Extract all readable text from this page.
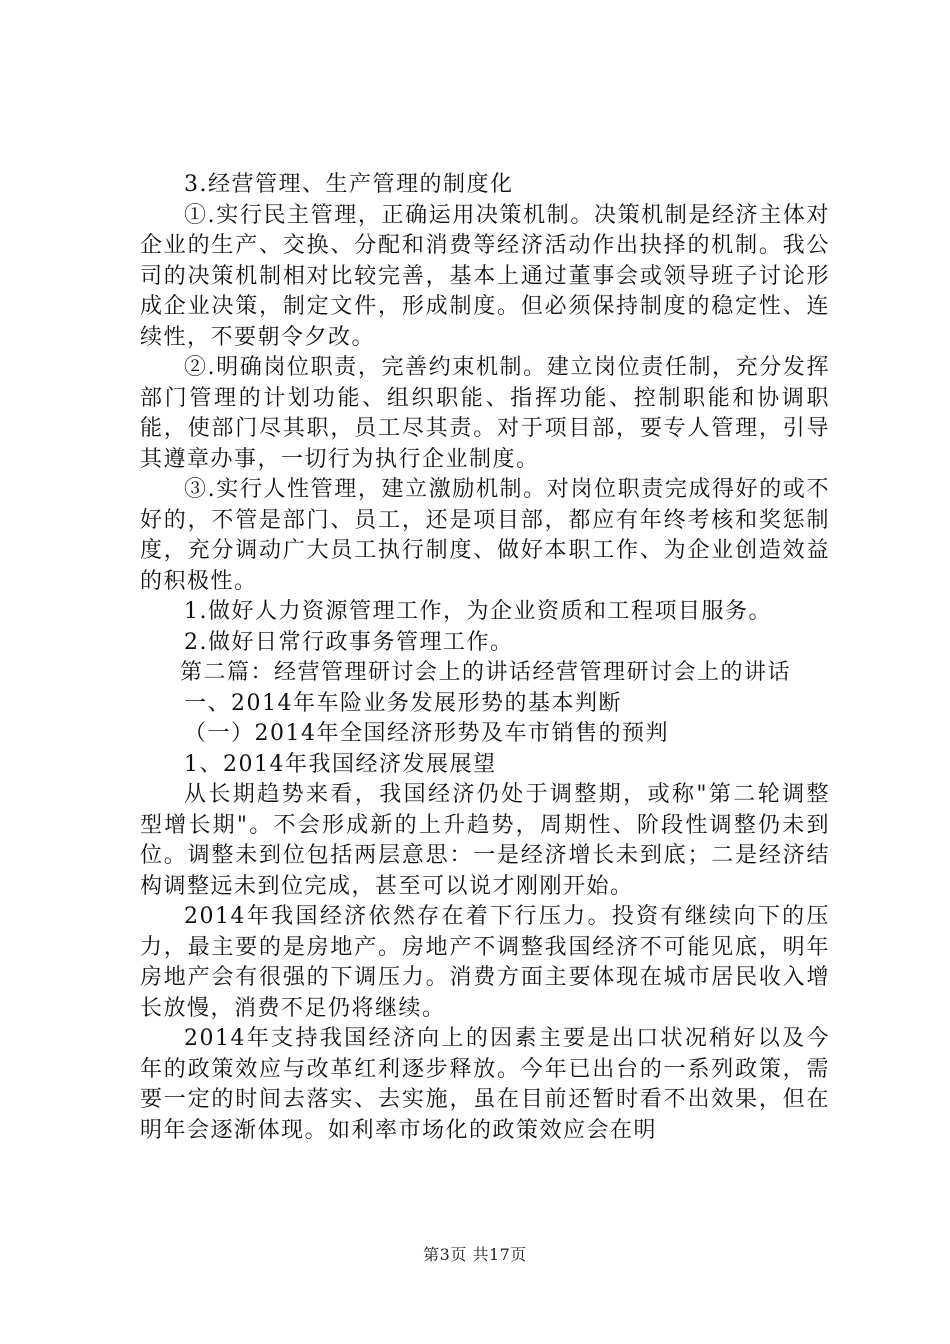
3.经营管理、生产管理的制度化

①.实行民主管理，正确运用决策机制。决策机制是经济主体对企业的生产、交换、分配和消费等经济活动作出抉择的机制。我公司的决策机制相对比较完善，基本上通过董事会或领导班子讨论形成企业决策，制定文件，形成制度。但必须保持制度的稳定性、连续性，不要朝令夕改。

②.明确岗位职责，完善约束机制。建立岗位责任制，充分发挥部门管理的计划功能、组织职能、指挥功能、控制职能和协调职能，使部门尽其职，员工尽其责。对于项目部，要专人管理，引导其遵章办事，一切行为执行企业制度。

③.实行人性管理，建立激励机制。对岗位职责完成得好的或不好的，不管是部门、员工，还是项目部，都应有年终考核和奖惩制度，充分调动广大员工执行制度、做好本职工作、为企业创造效益的积极性。

1.做好人力资源管理工作，为企业资质和工程项目服务。

2.做好日常行政事务管理工作。

第二篇：经营管理研讨会上的讲话经营管理研讨会上的讲话

一、2014年车险业务发展形势的基本判断

（一）2014年全国经济形势及车市销售的预判

1、2014年我国经济发展展望

从长期趋势来看，我国经济仍处于调整期，或称"第二轮调整型增长期"。不会形成新的上升趋势，周期性、阶段性调整仍未到位。调整未到位包括两层意思：一是经济增长未到底；二是经济结构调整远未到位完成，甚至可以说才刚刚开始。

2014年我国经济依然存在着下行压力。投资有继续向下的压力，最主要的是房地产。房地产不调整我国经济不可能见底，明年房地产会有很强的下调压力。消费方面主要体现在城市居民收入增长放慢，消费不足仍将继续。

2014年支持我国经济向上的因素主要是出口状况稍好以及今年的政策效应与改革红利逐步释放。今年已出台的一系列政策，需要一定的时间去落实、去实施，虽在目前还暂时看不出效果，但在明年会逐渐体现。如利率市场化的政策效应会在明

第3页 共17页
